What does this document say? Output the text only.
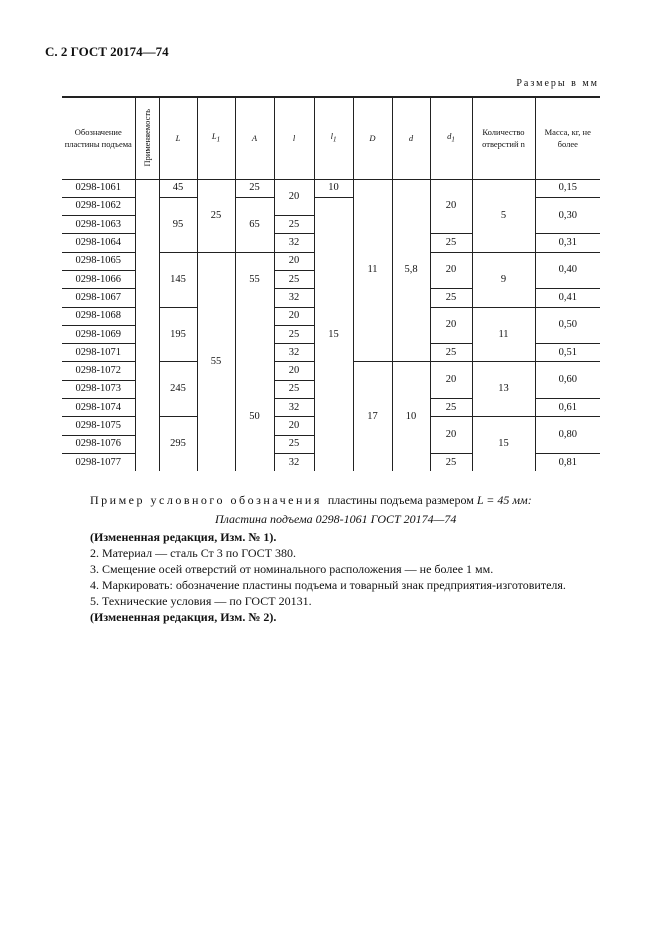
С. 2 ГОСТ 20174—74
Размеры в мм
Обозначение пластины подъема	Применяемость	L	$L_1$	A	l	$l_1$	D	d	$d_1$	Количество отверстий n	Масса, кг, не более
0298-1061		45	25	25	20	10	11	5,8	20	5	0,15
0298-1062		95		65		15					0,30
0298-1063					25						
0298-1064					32				25		0,31
0298-1065		145	55	55	20				20	9	0,40
0298-1066					25						
0298-1067					32				25		0,41
0298-1068		195			20				20	11	0,50
0298-1069					25						
0298-1071					32				25		0,51
0298-1072		245		50	20		17	10	20	13	0,60
0298-1073					25						
0298-1074					32				25		0,61
0298-1075		295			20				20	15	0,80
0298-1076					25						
0298-1077					32				25		0,81
Пример условного обозначения пластины подъема размером L = 45 мм:
Пластина подъема 0298-1061 ГОСТ 20174—74
(Измененная редакция, Изм. № 1).
2. Материал — сталь Ст 3 по ГОСТ 380.
3. Смещение осей отверстий от номинального расположения — не более 1 мм.
4. Маркировать: обозначение пластины подъема и товарный знак предприятия-изготовителя.
5. Технические условия — по ГОСТ 20131.
(Измененная редакция, Изм. № 2).
